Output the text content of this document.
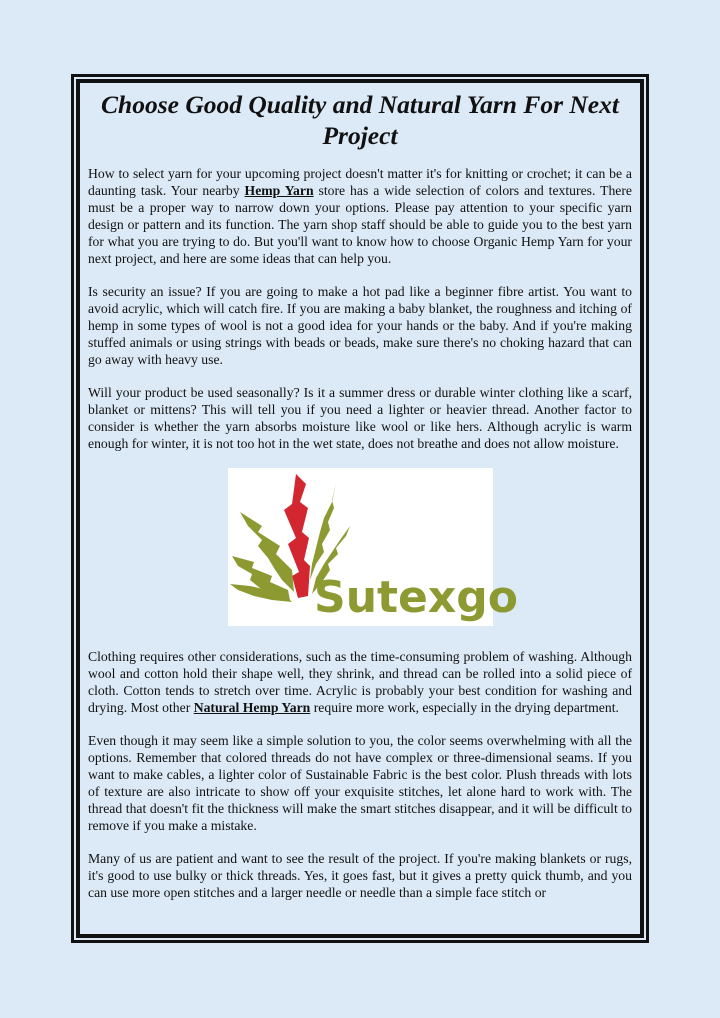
Choose Good Quality and Natural Yarn For Next Project

How to select yarn for your upcoming project doesn't matter it's for knitting or crochet; it can be a daunting task. Your nearby Hemp Yarn store has a wide selection of colors and textures. There must be a proper way to narrow down your options. Please pay attention to your specific yarn design or pattern and its function. The yarn shop staff should be able to guide you to the best yarn for what you are trying to do. But you'll want to know how to choose Organic Hemp Yarn for your next project, and here are some ideas that can help you.

Is security an issue? If you are going to make a hot pad like a beginner fibre artist. You want to avoid acrylic, which will catch fire. If you are making a baby blanket, the roughness and itching of hemp in some types of wool is not a good idea for your hands or the baby. And if you're making stuffed animals or using strings with beads or beads, make sure there's no choking hazard that can go away with heavy use.

Will your product be used seasonally? Is it a summer dress or durable winter clothing like a scarf, blanket or mittens? This will tell you if you need a lighter or heavier thread. Another factor to consider is whether the yarn absorbs moisture like wool or like hers. Although acrylic is warm enough for winter, it is not too hot in the wet state, does not breathe and does not allow moisture.

Sutexgo

Clothing requires other considerations, such as the time-consuming problem of washing. Although wool and cotton hold their shape well, they shrink, and thread can be rolled into a solid piece of cloth. Cotton tends to stretch over time. Acrylic is probably your best condition for washing and drying. Most other Natural Hemp Yarn require more work, especially in the drying department.

Even though it may seem like a simple solution to you, the color seems overwhelming with all the options. Remember that colored threads do not have complex or three-dimensional seams. If you want to make cables, a lighter color of Sustainable Fabric is the best color. Plush threads with lots of texture are also intricate to show off your exquisite stitches, let alone hard to work with. The thread that doesn't fit the thickness will make the smart stitches disappear, and it will be difficult to remove if you make a mistake.

Many of us are patient and want to see the result of the project. If you're making blankets or rugs, it's good to use bulky or thick threads. Yes, it goes fast, but it gives a pretty quick thumb, and you can use more open stitches and a larger needle or needle than a simple face stitch or
